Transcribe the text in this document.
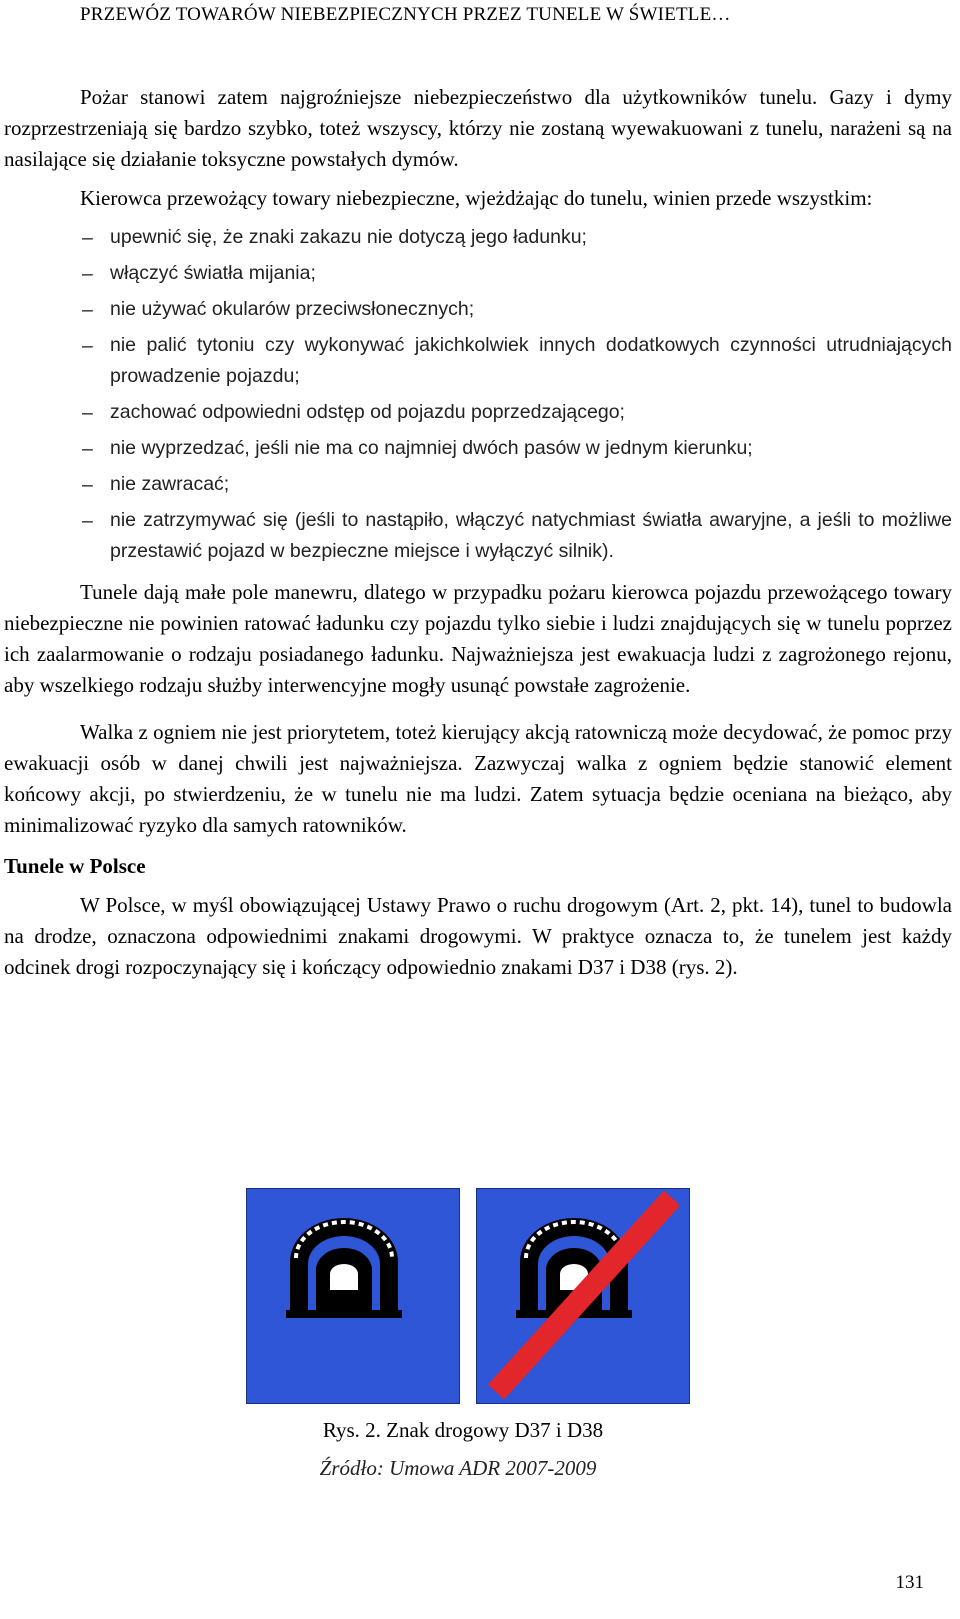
PRZEWÓZ TOWARÓW NIEBEZPIECZNYCH PRZEZ TUNELE W ŚWIETLE…

Pożar stanowi zatem najgroźniejsze niebezpieczeństwo dla użytkowników tunelu. Gazy i dymy rozprzestrzeniają się bardzo szybko, toteż wszyscy, którzy nie zostaną wyewakuowani z tunelu, narażeni są na nasilające się działanie toksyczne powstałych dymów.

Kierowca przewożący towary niebezpieczne, wjeżdżając do tunelu, winien przede wszystkim:

– upewnić się, że znaki zakazu nie dotyczą jego ładunku;
– włączyć światła mijania;
– nie używać okularów przeciwsłonecznych;
– nie palić tytoniu czy wykonywać jakichkolwiek innych dodatkowych czynności utrudniających prowadzenie pojazdu;
– zachować odpowiedni odstęp od pojazdu poprzedzającego;
– nie wyprzedzać, jeśli nie ma co najmniej dwóch pasów w jednym kierunku;
– nie zawracać;
– nie zatrzymywać się (jeśli to nastąpiło, włączyć natychmiast światła awaryjne, a jeśli to możliwe przestawić pojazd w bezpieczne miejsce i wyłączyć silnik).

Tunele dają małe pole manewru, dlatego w przypadku pożaru kierowca pojazdu przewożącego towary niebezpieczne nie powinien ratować ładunku czy pojazdu tylko siebie i ludzi znajdujących się w tunelu poprzez ich zaalarmowanie o rodzaju posiadanego ładunku. Najważniejsza jest ewakuacja ludzi z zagrożonego rejonu, aby wszelkiego rodzaju służby interwencyjne mogły usunąć powstałe zagrożenie.

Walka z ogniem nie jest priorytetem, toteż kierujący akcją ratowniczą może decydować, że pomoc przy ewakuacji osób w danej chwili jest najważniejsza. Zazwyczaj walka z ogniem będzie stanowić element końcowy akcji, po stwierdzeniu, że w tunelu nie ma ludzi. Zatem sytuacja będzie oceniana na bieżąco, aby minimalizować ryzyko dla samych ratowników.

Tunele w Polsce

W Polsce, w myśl obowiązującej Ustawy Prawo o ruchu drogowym (Art. 2, pkt. 14), tunel to budowla na drodze, oznaczona odpowiednimi znakami drogowymi. W praktyce oznacza to, że tunelem jest każdy odcinek drogi rozpoczynający się i kończący odpowiednio znakami D37 i D38 (rys. 2).

Rys. 2. Znak drogowy D37 i D38
Źródło: Umowa ADR 2007-2009
131
